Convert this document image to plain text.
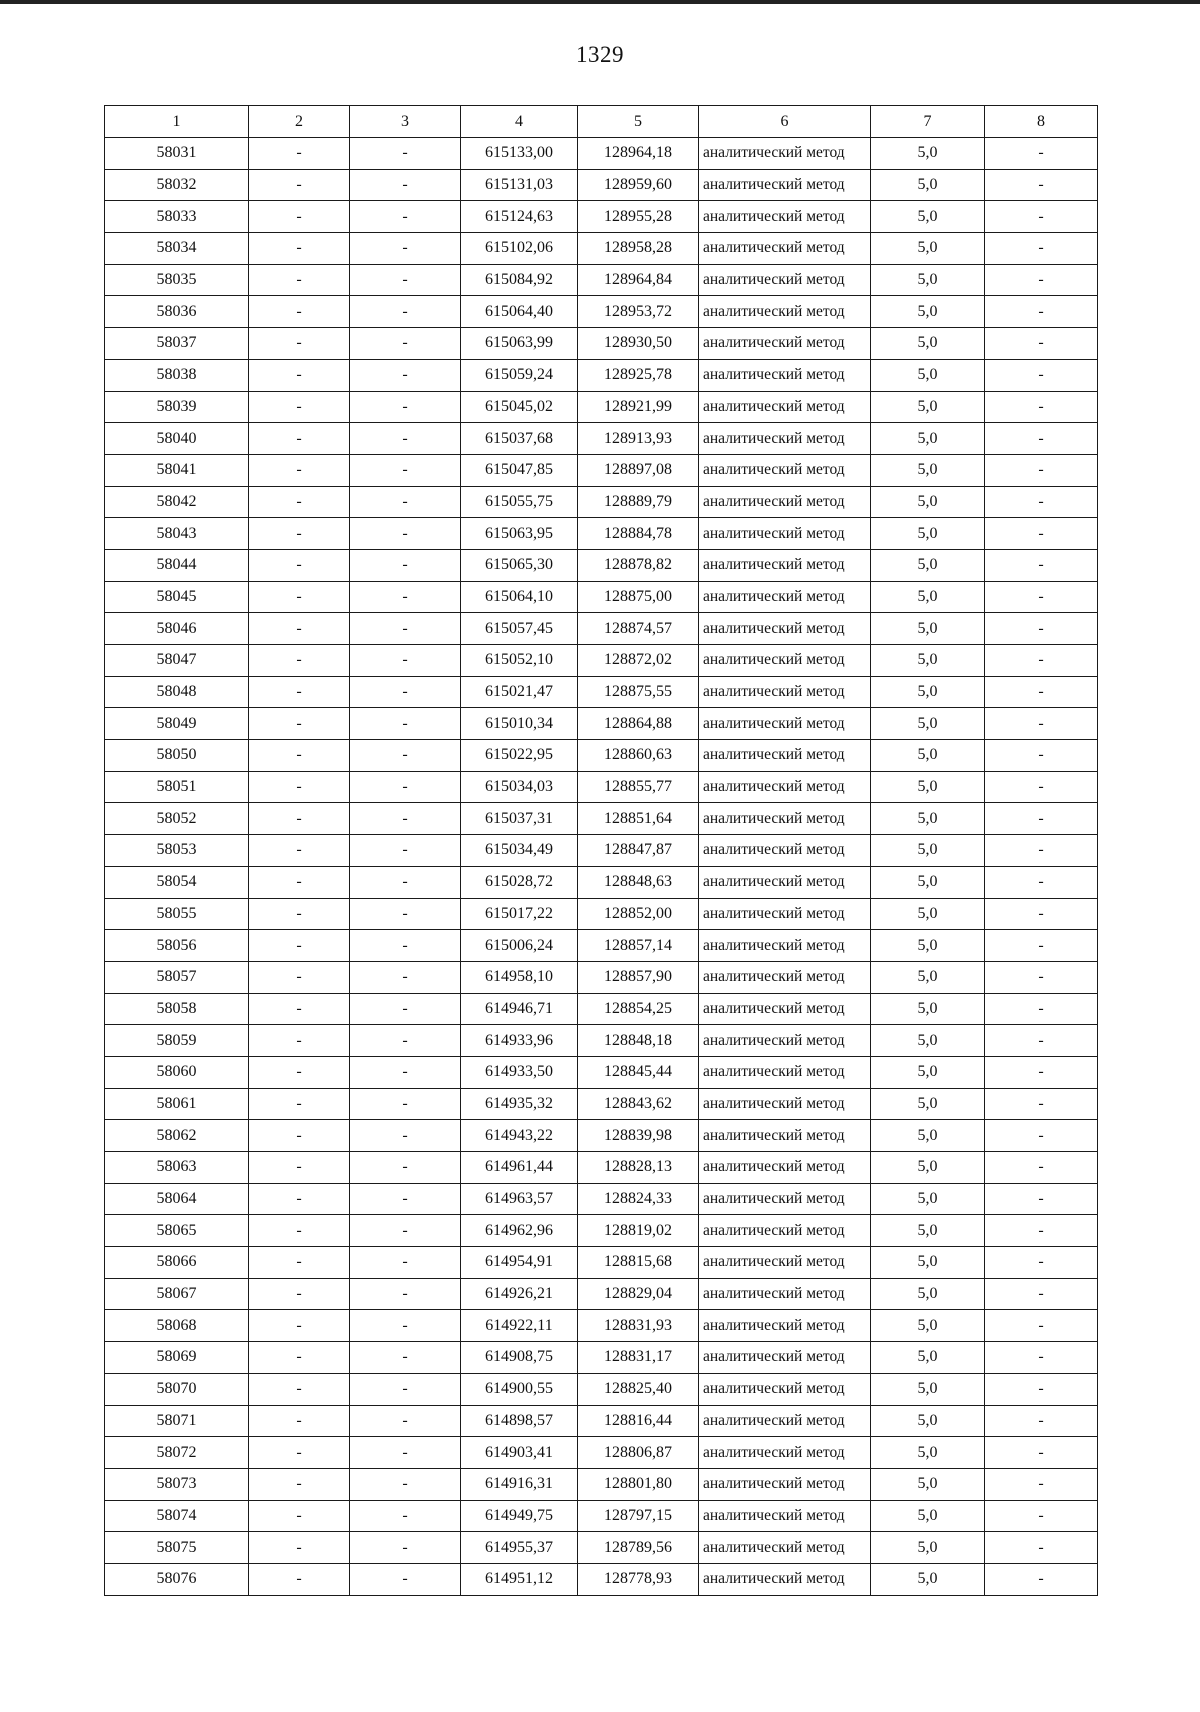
1329
1	2	3	4	5	6	7	8
58031	-	-	615133,00	128964,18	аналитический метод	5,0	-
58032	-	-	615131,03	128959,60	аналитический метод	5,0	-
58033	-	-	615124,63	128955,28	аналитический метод	5,0	-
58034	-	-	615102,06	128958,28	аналитический метод	5,0	-
58035	-	-	615084,92	128964,84	аналитический метод	5,0	-
58036	-	-	615064,40	128953,72	аналитический метод	5,0	-
58037	-	-	615063,99	128930,50	аналитический метод	5,0	-
58038	-	-	615059,24	128925,78	аналитический метод	5,0	-
58039	-	-	615045,02	128921,99	аналитический метод	5,0	-
58040	-	-	615037,68	128913,93	аналитический метод	5,0	-
58041	-	-	615047,85	128897,08	аналитический метод	5,0	-
58042	-	-	615055,75	128889,79	аналитический метод	5,0	-
58043	-	-	615063,95	128884,78	аналитический метод	5,0	-
58044	-	-	615065,30	128878,82	аналитический метод	5,0	-
58045	-	-	615064,10	128875,00	аналитический метод	5,0	-
58046	-	-	615057,45	128874,57	аналитический метод	5,0	-
58047	-	-	615052,10	128872,02	аналитический метод	5,0	-
58048	-	-	615021,47	128875,55	аналитический метод	5,0	-
58049	-	-	615010,34	128864,88	аналитический метод	5,0	-
58050	-	-	615022,95	128860,63	аналитический метод	5,0	-
58051	-	-	615034,03	128855,77	аналитический метод	5,0	-
58052	-	-	615037,31	128851,64	аналитический метод	5,0	-
58053	-	-	615034,49	128847,87	аналитический метод	5,0	-
58054	-	-	615028,72	128848,63	аналитический метод	5,0	-
58055	-	-	615017,22	128852,00	аналитический метод	5,0	-
58056	-	-	615006,24	128857,14	аналитический метод	5,0	-
58057	-	-	614958,10	128857,90	аналитический метод	5,0	-
58058	-	-	614946,71	128854,25	аналитический метод	5,0	-
58059	-	-	614933,96	128848,18	аналитический метод	5,0	-
58060	-	-	614933,50	128845,44	аналитический метод	5,0	-
58061	-	-	614935,32	128843,62	аналитический метод	5,0	-
58062	-	-	614943,22	128839,98	аналитический метод	5,0	-
58063	-	-	614961,44	128828,13	аналитический метод	5,0	-
58064	-	-	614963,57	128824,33	аналитический метод	5,0	-
58065	-	-	614962,96	128819,02	аналитический метод	5,0	-
58066	-	-	614954,91	128815,68	аналитический метод	5,0	-
58067	-	-	614926,21	128829,04	аналитический метод	5,0	-
58068	-	-	614922,11	128831,93	аналитический метод	5,0	-
58069	-	-	614908,75	128831,17	аналитический метод	5,0	-
58070	-	-	614900,55	128825,40	аналитический метод	5,0	-
58071	-	-	614898,57	128816,44	аналитический метод	5,0	-
58072	-	-	614903,41	128806,87	аналитический метод	5,0	-
58073	-	-	614916,31	128801,80	аналитический метод	5,0	-
58074	-	-	614949,75	128797,15	аналитический метод	5,0	-
58075	-	-	614955,37	128789,56	аналитический метод	5,0	-
58076	-	-	614951,12	128778,93	аналитический метод	5,0	-
